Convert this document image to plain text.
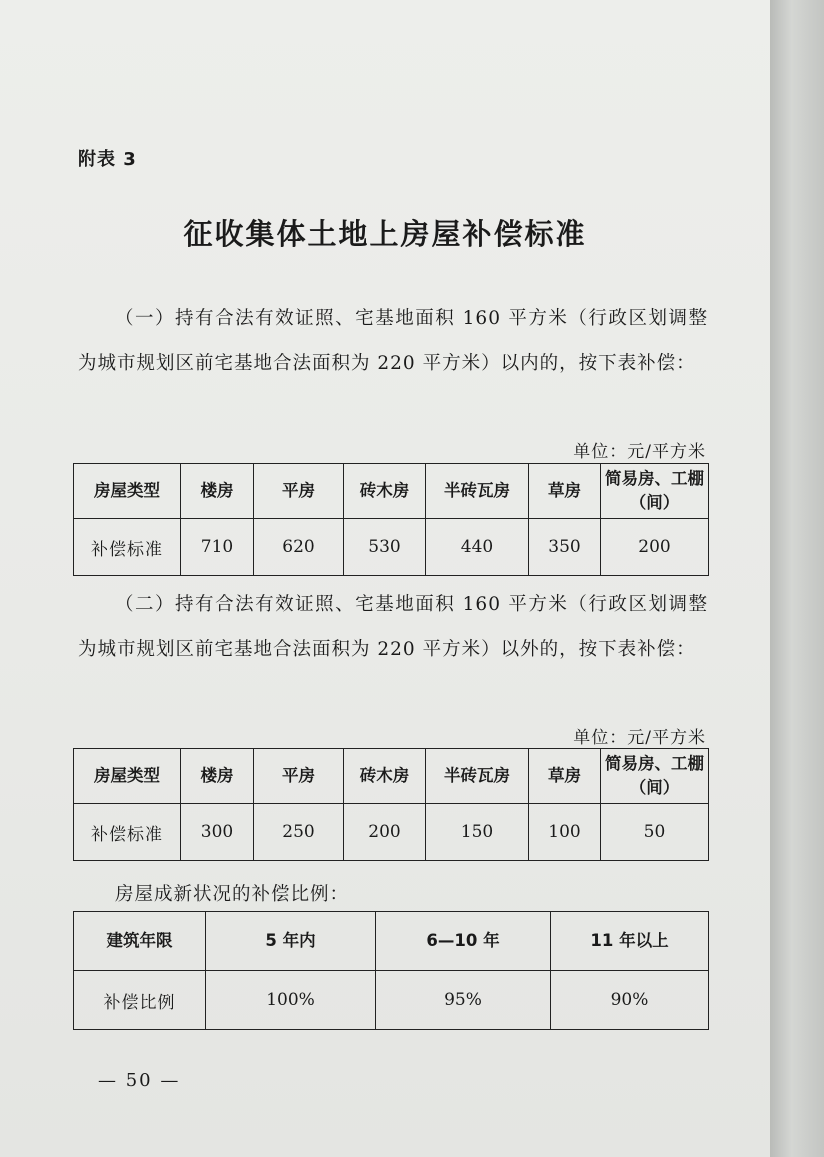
附表 3
征收集体土地上房屋补偿标准
（一）持有合法有效证照、宅基地面积 160 平方米（行政区划调整为城市规划区前宅基地合法面积为 220 平方米）以内的，按下表补偿：
单位：元/平方米
房屋类型	楼房	平房	砖木房	半砖瓦房	草房	简易房、工棚（间）
补偿标准	710	620	530	440	350	200
（二）持有合法有效证照、宅基地面积 160 平方米（行政区划调整为城市规划区前宅基地合法面积为 220 平方米）以外的，按下表补偿：
单位：元/平方米
房屋类型	楼房	平房	砖木房	半砖瓦房	草房	简易房、工棚（间）
补偿标准	300	250	200	150	100	50
房屋成新状况的补偿比例：
建筑年限	5 年内	6—10 年	11 年以上
补偿比例	100%	95%	90%
— 50 —
